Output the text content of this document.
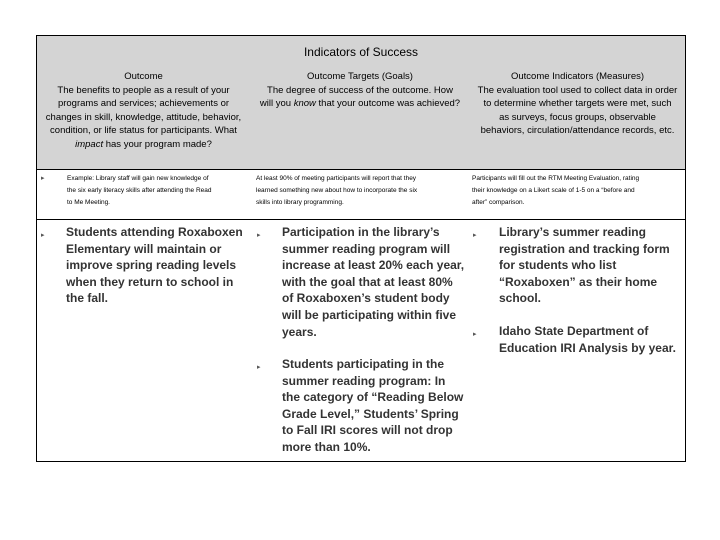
Indicators of Success
Outcome
The benefits to people as a result of your
programs and services; achievements or
changes in skill, knowledge, attitude, behavior,
condition, or life status for participants. What
impact has your program made?
Outcome Targets (Goals)
The degree of success of the outcome. How
will you know that your outcome was achieved?
Outcome Indicators (Measures)
The evaluation tool used to collect data in order
to determine whether targets were met, such
as surveys, focus groups, observable
behaviors, circulation/attendance records, etc.
▸	Example: Library staff will gain new knowledge of
the six early literacy skills after attending the Read
to Me Meeting.
At least 90% of meeting participants will report that they
learned something new about how to incorporate the six
skills into library programming.
Participants will fill out the RTM Meeting Evaluation, rating
their knowledge on a Likert scale of 1-5 on a “before and
after” comparison.
▸ Students attending Roxaboxen
Elementary will maintain or
improve spring reading levels
when they return to school in
the fall.
▸ Participation in the library’s
summer reading program will
increase at least 20% each year,
with the goal that at least 80%
of Roxaboxen’s student body
will be participating within five
years.
▸ Students participating in the
summer reading program: In
the category of “Reading Below
Grade Level,” Students’ Spring
to Fall IRI scores will not drop
more than 10%.
▸ Library’s summer reading
registration and tracking form
for students who list
“Roxaboxen” as their home
school.
▸ Idaho State Department of
Education IRI Analysis by year.
